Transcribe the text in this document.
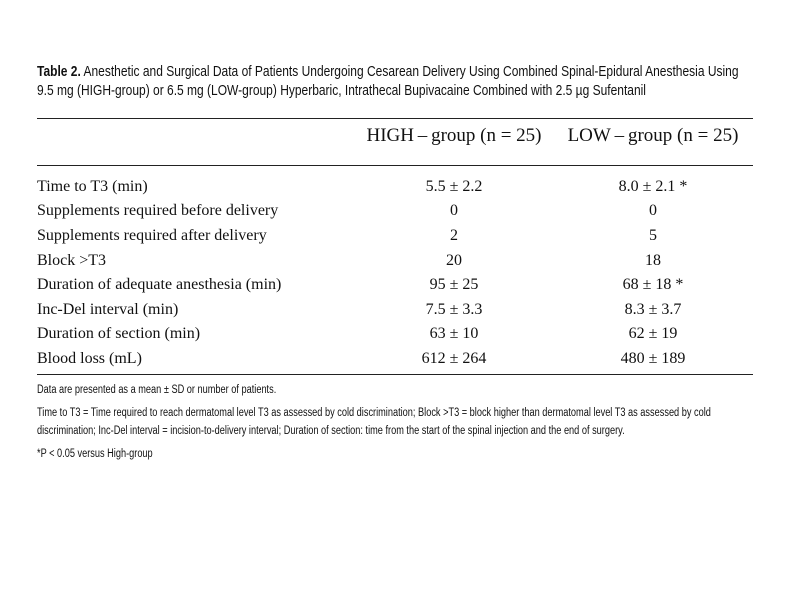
Table 2. Anesthetic and Surgical Data of Patients Undergoing Cesarean Delivery Using Combined Spinal-Epidural Anesthesia Using
9.5 mg (HIGH-group) or 6.5 mg (LOW-group) Hyperbaric, Intrathecal Bupivacaine Combined with 2.5 µg Sufentanil
	HIGH – group (n = 25)	LOW – group (n = 25)

Time to T3 (min)	5.5 ± 2.2	8.0 ± 2.1 *
Supplements required before delivery	0	0
Supplements required after delivery	2	5
Block >T3	20	18
Duration of adequate anesthesia (min)	95 ± 25	68 ± 18 *
Inc-Del interval (min)	7.5 ± 3.3	8.3 ± 3.7
Duration of section (min)	63 ± 10	62 ± 19
Blood loss (mL)	612 ± 264	480 ± 189
Data are presented as a mean ± SD or number of patients.
Time to T3 = Time required to reach dermatomal level T3 as assessed by cold discrimination; Block >T3 = block higher than dermatomal level T3 as assessed by cold discrimination; Inc-Del interval = incision-to-delivery interval; Duration of section: time from the start of the spinal injection and the end of surgery.
*P < 0.05 versus High-group
